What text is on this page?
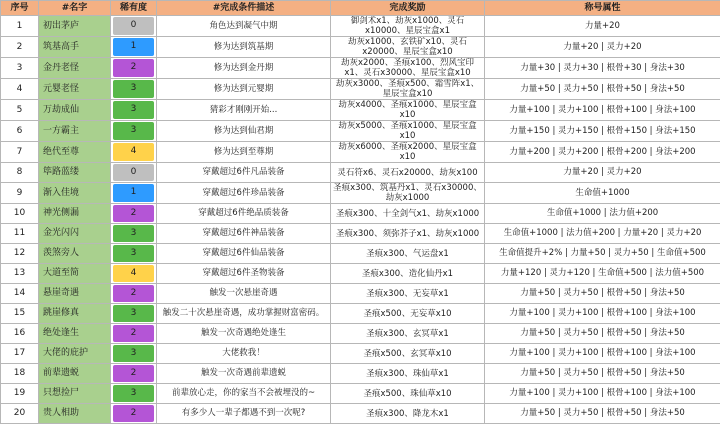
序号	#名字	稀有度	#完成条件描述	完成奖励	称号属性
1	初出茅庐	0	角色达到凝气中期	御剑术x1、劫灰x1000、灵石x10000、星辰宝盒x1	力量+20
2	筑基高手	1	修为达到筑基期	劫灰x1000、玄铁矿x10、灵石x20000、星辰宝盒x10	力量+20 | 灵力+20
3	金丹老怪	2	修为达到金丹期	劫灰x2000、圣痕x100、烈风宝印x1、灵石x30000、星辰宝盒x10	力量+30 | 灵力+30 | 根骨+30 | 身法+30
4	元婴老怪	3	修为达到元婴期	劫灰x3000、圣痕x500、霜雪阵x1、星辰宝盒x10	力量+50 | 灵力+50 | 根骨+50 | 身法+50
5	万劫成仙	3	猜彩才刚刚开始...	劫灰x4000、圣痕x1000、星辰宝盒x10	力量+100 | 灵力+100 | 根骨+100 | 身法+100
6	一方霸主	3	修为达到仙君期	劫灰x5000、圣痕x1000、星辰宝盒x10	力量+150 | 灵力+150 | 根骨+150 | 身法+150
7	绝代至尊	4	修为达到至尊期	劫灰x6000、圣痕x2000、星辰宝盒x10	力量+200 | 灵力+200 | 根骨+200 | 身法+200
8	筚路蓝缕	0	穿戴超过6件凡品装备	灵石符x6、灵石x20000、劫灰x100	力量+20 | 灵力+20
9	渐入佳境	1	穿戴超过6件珍品装备	圣痕x300、筑基丹x1、灵石x30000、劫灰x1000	生命值+1000
10	神光侧漏	2	穿戴超过6件绝品质装备	圣痕x300、十全剑气x1、劫灰x1000	生命值+1000 | 法力值+200
11	金光闪闪	3	穿戴超过6件神品装备	圣痕x300、须弥芥子x1、劫灰x1000	生命值+1000 | 法力值+200 | 力量+20 | 灵力+20
12	羡煞旁人	3	穿戴超过6件仙品装备	圣痕x300、气运盘x1	生命值提升+2% | 力量+50 | 灵力+50 | 生命值+500
13	大道至简	4	穿戴超过6件圣物装备	圣痕x300、造化仙丹x1	力量+120 | 灵力+120 | 生命值+500 | 法力值+500
14	悬崖奇遇	2	触发一次悬崖奇遇	圣痕x300、无妄草x1	力量+50 | 灵力+50 | 根骨+50 | 身法+50
15	跳崖修真	3	触发二十次悬崖奇遇，成功掌握财富密码。	圣痕x500、无妄草x10	力量+100 | 灵力+100 | 根骨+100 | 身法+100
16	绝处逢生	2	触发一次奇遇绝处逢生	圣痕x300、玄冥草x1	力量+50 | 灵力+50 | 根骨+50 | 身法+50
17	大佬的庇护	3	大佬救我！	圣痕x500、玄冥草x10	力量+100 | 灵力+100 | 根骨+100 | 身法+100
18	前辈遗蜕	2	触发一次奇遇前辈遗蜕	圣痕x300、珠仙草x1	力量+50 | 灵力+50 | 根骨+50 | 身法+50
19	只想捡尸	3	前辈放心走，你的家当不会被埋没的~	圣痕x500、珠仙草x10	力量+100 | 灵力+100 | 根骨+100 | 身法+100
20	贵人相助	2	有多少人一辈子都遇不到一次呢?	圣痕x300、降龙木x1	力量+50 | 灵力+50 | 根骨+50 | 身法+50
